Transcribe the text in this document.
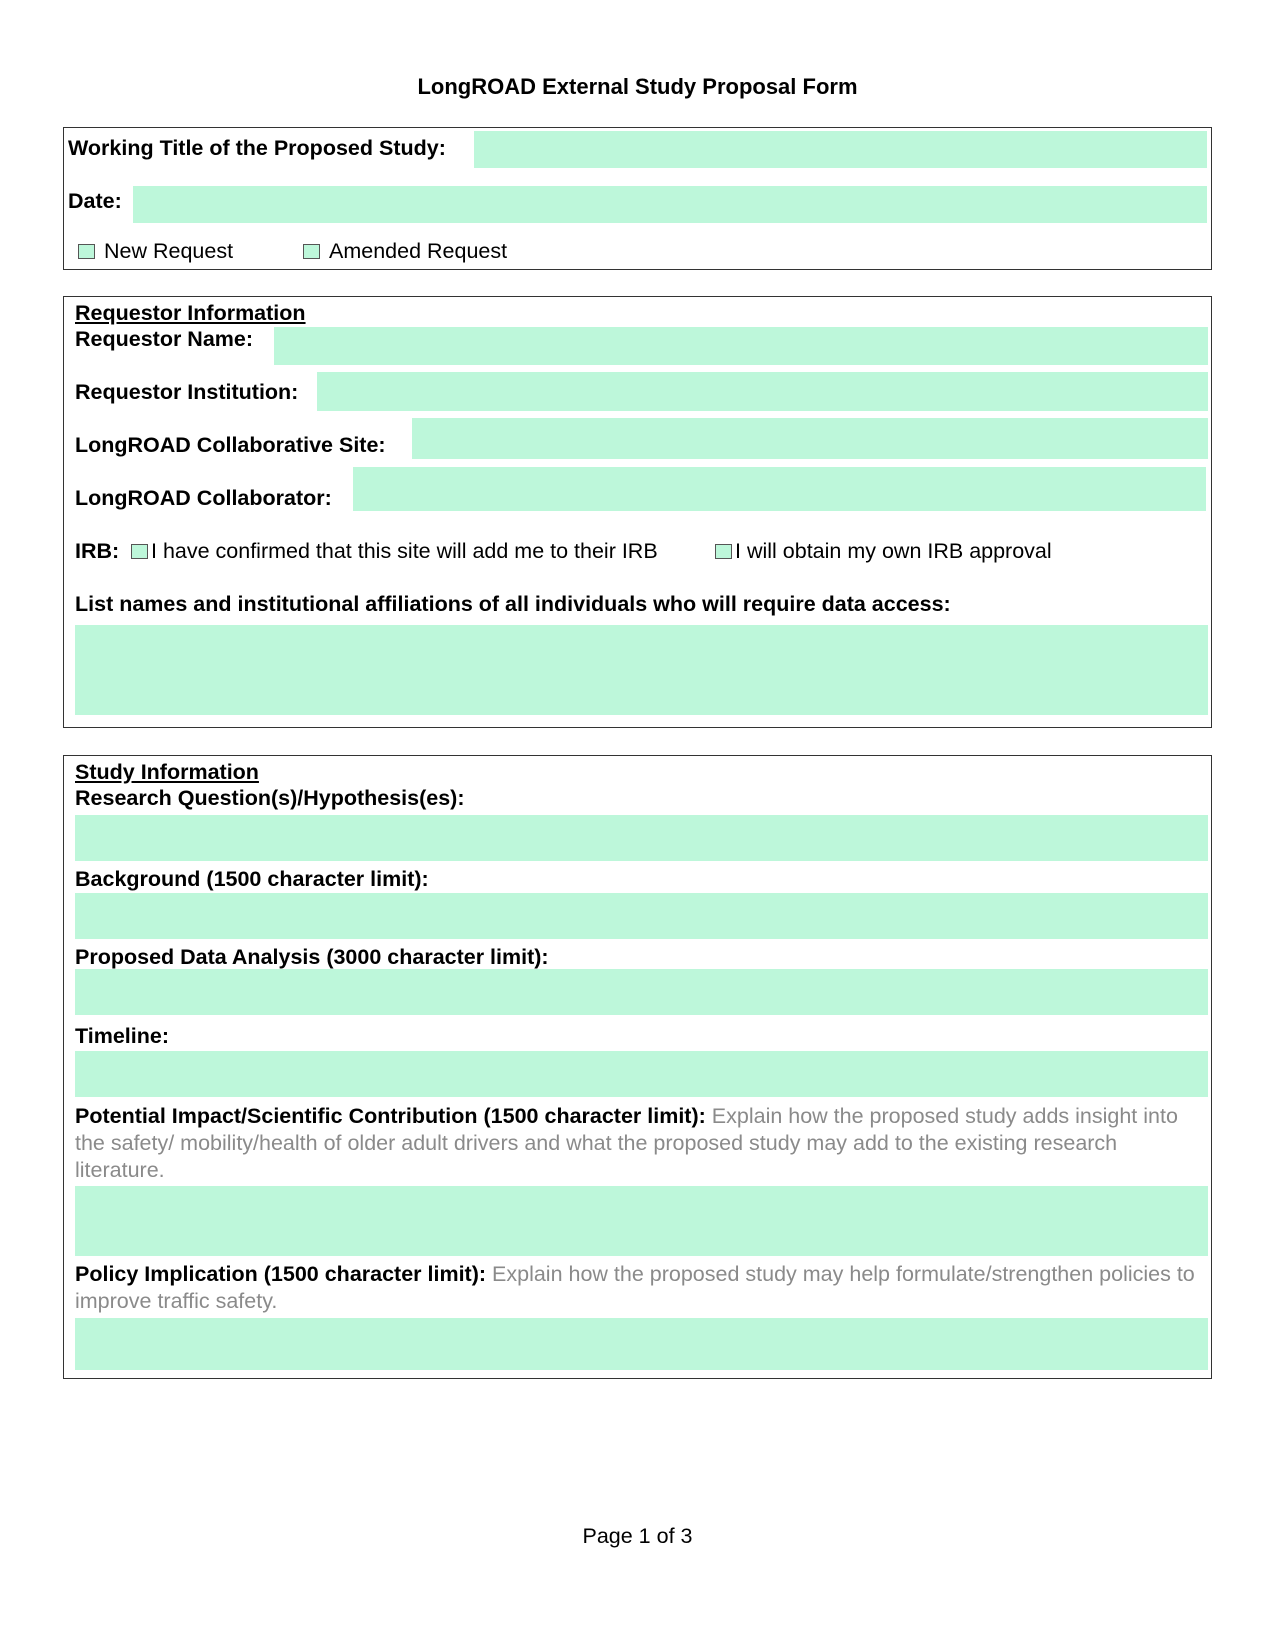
LongROAD External Study Proposal Form
Working Title of the Proposed Study:
Date:
New Request	Amended Request
Requestor Information
Requestor Name:
Requestor Institution:
LongROAD Collaborative Site:
LongROAD Collaborator:
IRB: I have confirmed that this site will add me to their IRB	I will obtain my own IRB approval
List names and institutional affiliations of all individuals who will require data access:
Study Information
Research Question(s)/Hypothesis(es):
Background (1500 character limit):
Proposed Data Analysis (3000 character limit):
Timeline:
Potential Impact/Scientific Contribution (1500 character limit): Explain how the proposed study adds insight into the safety/ mobility/health of older adult drivers and what the proposed study may add to the existing research literature.
Policy Implication (1500 character limit): Explain how the proposed study may help formulate/strengthen policies to improve traffic safety.
Page 1 of 3
